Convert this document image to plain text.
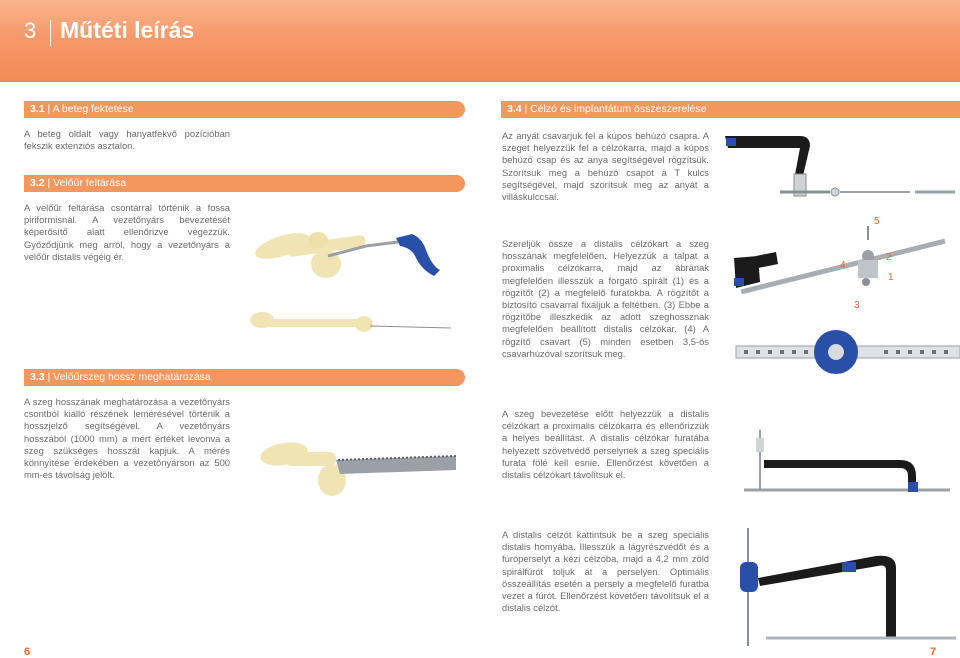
3 Műtéti leírás
3.1 | A beteg fektetése
A beteg oldalt vagy hanyatfekvő pozícióban fekszik extenziós asztalon.
3.2 | Velőűr feltárása
A velőűr feltárása csontárral történik a fossa piriformisnál. A vezetőnyárs bevezetését képerősítő alatt ellenőrizve végezzük. Győződjünk meg arról, hogy a vezetőnyárs a velőűr distalis végéig ér.
3.3 | Velőűrszeg hossz meghatározása
A szeg hosszának meghatározása a vezetőnyárs csontból kiálló részének lemérésével történik a hosszjelző segítségével. A vezetőnyárs hosszából (1000 mm) a mért értéket levonva a szeg szükséges hosszát kapjuk. A mérés könnyítése érdekében a vezetőnyárson az 500 mm-es távolság jelölt.
3.4 | Célzó és implantátum összeszerelése
Az anyát csavarjuk fel a kúpos behúzó csapra. A szeget helyezzük fel a célzókarra, majd a kúpos behúzó csap és az anya segítségével rögzítsük. Szorítsuk meg a behúzó csapot a T kulcs segítségével, majd szorítsuk meg az anyát a villáskulccsal.
Szereljük össze a distalis célzókart a szeg hosszának megfelelően. Helyezzük a talpat a proximalis célzókarra, majd az ábrának megfelelően illesszük a forgató spirált (1) és a rögzítőt (2) a megfelelő furatokba. A rögzítőt a biztosító csavarral fixáljuk a feltétben. (3) Ebbe a rögzítőbe illeszkedik az adott szeghossznak megfelelően beállított distalis célzókar. (4) A rögzítő csavart (5) minden esetben 3,5-ös csavarhúzóval szorítsuk meg.
A szeg bevezetése előtt helyezzük a distalis célzókart a proximalis célzókarra és ellenőrizzük a helyes beállítást. A distalis célzókar furatába helyezett szövetvédő perselynek a szeg speciális furata fölé kell esnie. Ellenőrzést követően a distalis célzókart távolítsuk el.
A distalis célzót kattintsuk be a szeg speciális distalis homyába. Illesszük a lágyrészvédőt és a fúróperselyt a kézi célzóba, majd a 4,2 mm zöld spirálfúrót toljuk át a perselyen. Optimális összeállítás esetén a persely a megfelelő furatba vezet a fúrót. Ellenőrzést követően távolítsuk el a distalis célzót.
5
4
2
1
3
6	7
